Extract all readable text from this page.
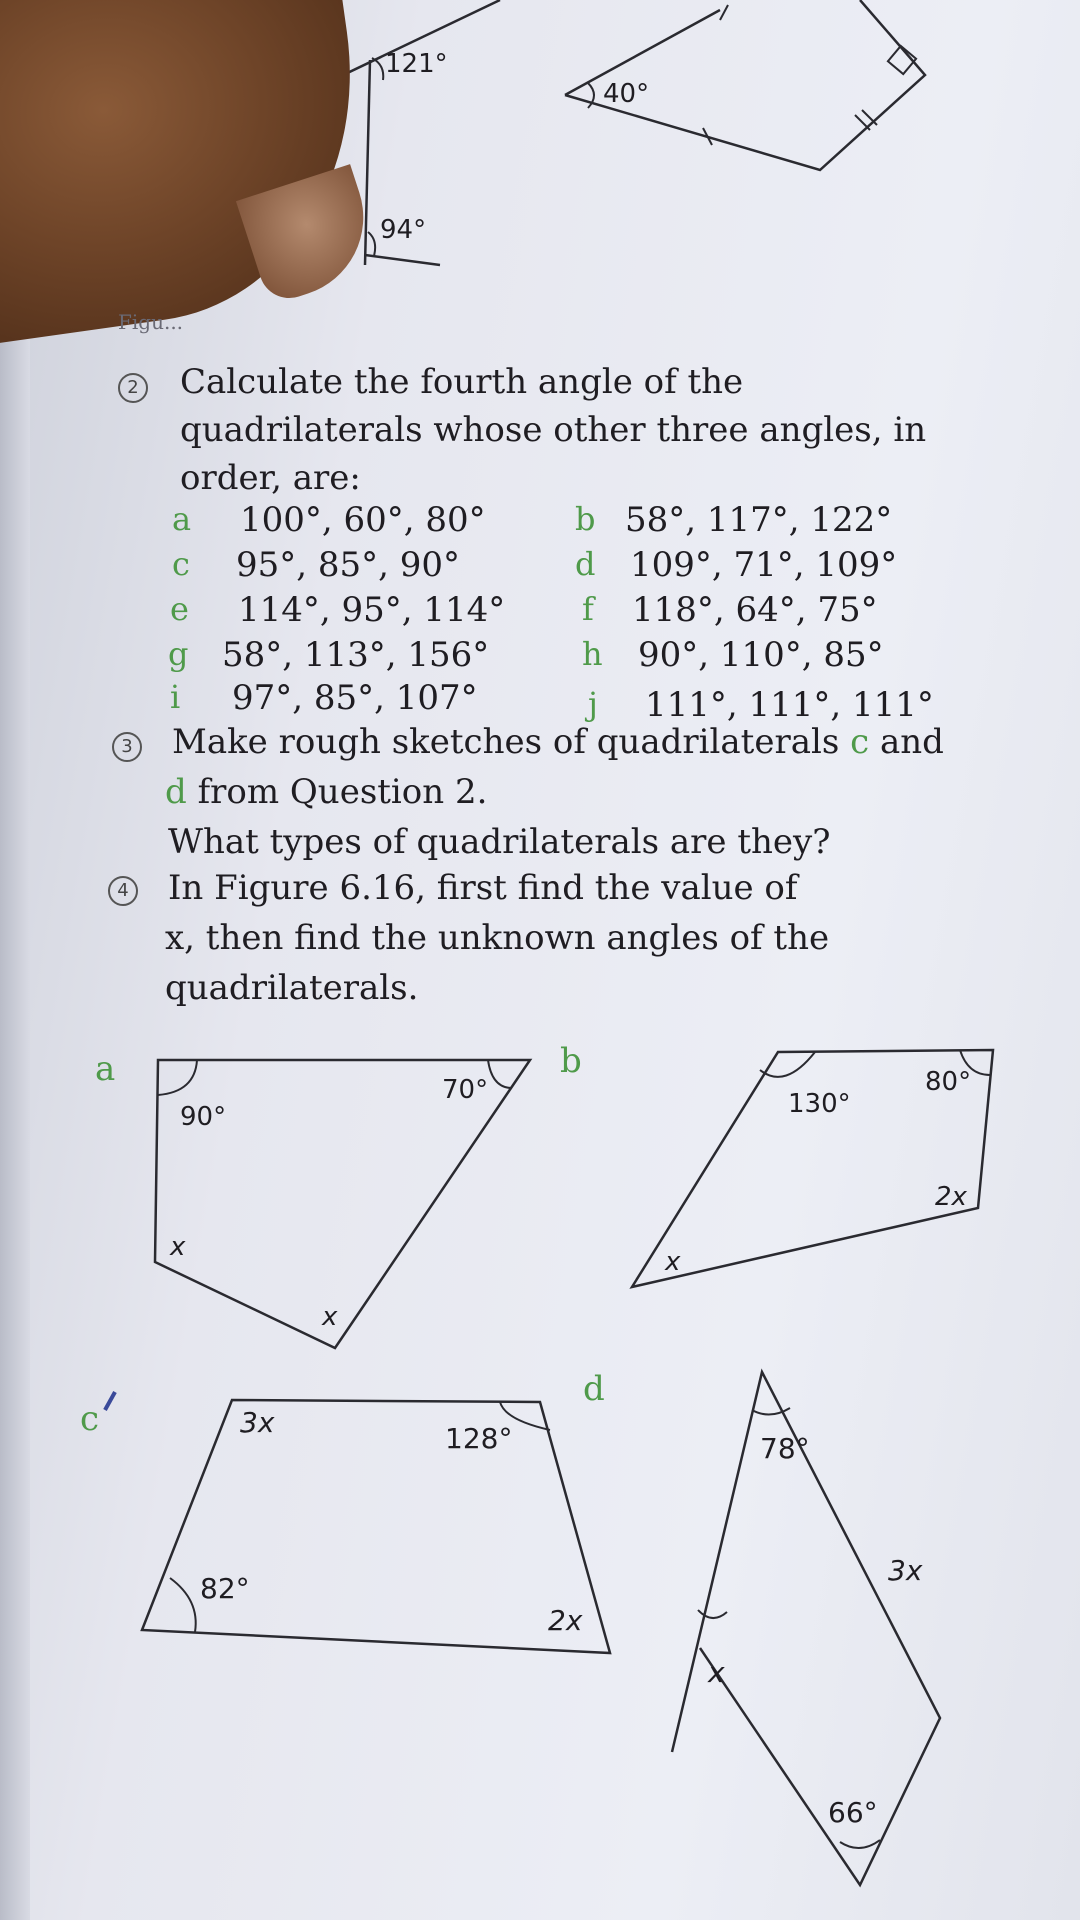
121°
94°
40°
Figu...
2 Calculate the fourth angle of the
quadrilaterals whose other three angles, in
order, are:
a 100°, 60°, 80°	b 58°, 117°, 122°
c 95°, 85°, 90°	d 109°, 71°, 109°
e 114°, 95°, 114° f 118°, 64°, 75°
g 58°, 113°, 156°	h 90°, 110°, 85°
i 97°, 85°, 107°	j 111°, 111°, 111°
3 Make rough sketches of quadrilaterals c and
d from Question 2.
What types of quadrilaterals are they?
4 In Figure 6.16, first find the value of
x, then find the unknown angles of the
quadrilaterals.
a
90°
70°
x
x
b
130°
80°
2x
x
c	3x	128°
82°
2x
d
78°
3x
x
66°
